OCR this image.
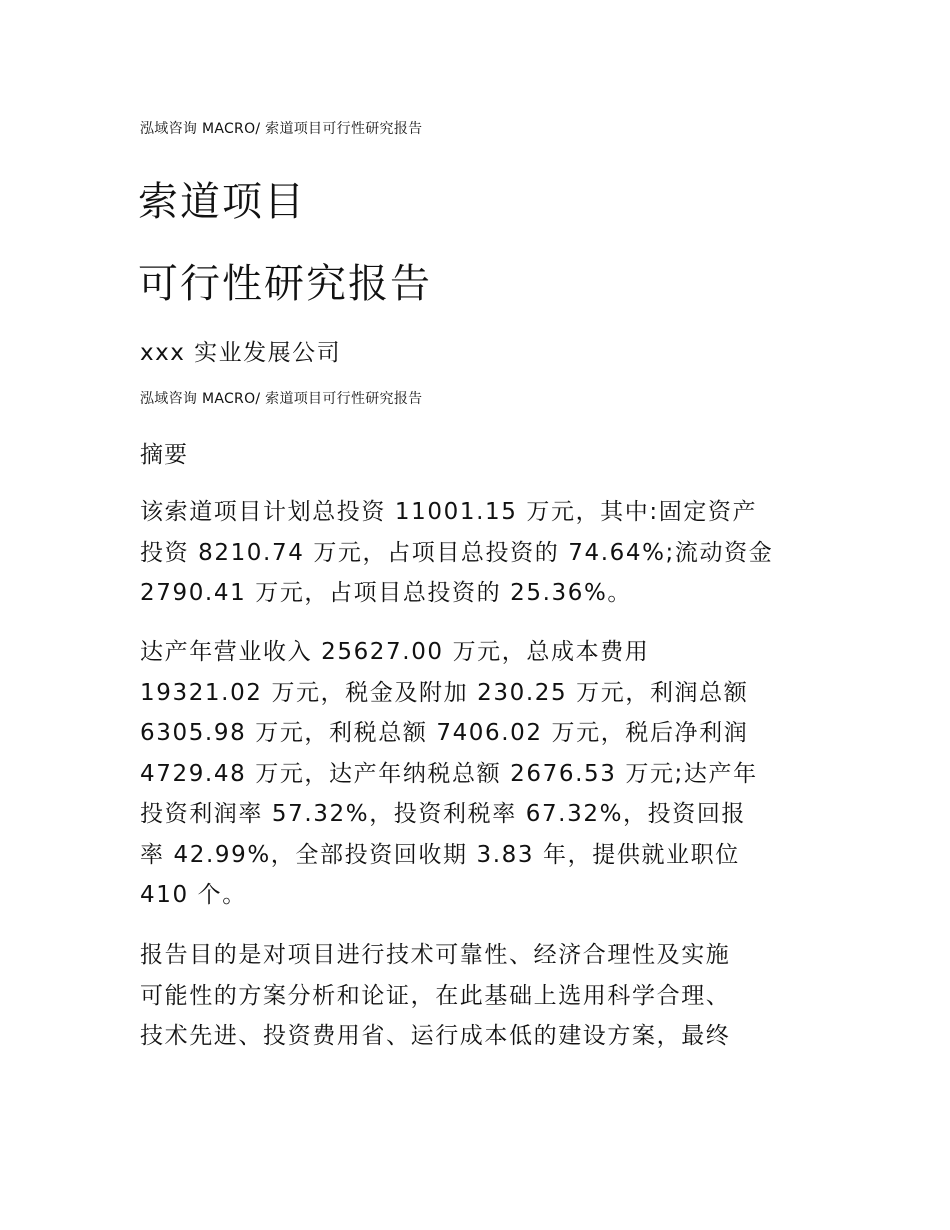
泓域咨询 MACRO/ 索道项目可行性研究报告
索道项目
可行性研究报告
xxx 实业发展公司
泓域咨询 MACRO/ 索道项目可行性研究报告
摘要

该索道项目计划总投资 11001.15 万元，其中:固定资产
投资 8210.74 万元，占项目总投资的 74.64%;流动资金
2790.41 万元，占项目总投资的 25.36%。

达产年营业收入 25627.00 万元，总成本费用
19321.02 万元，税金及附加 230.25 万元，利润总额
6305.98 万元，利税总额 7406.02 万元，税后净利润
4729.48 万元，达产年纳税总额 2676.53 万元;达产年
投资利润率 57.32%，投资利税率 67.32%，投资回报
率 42.99%，全部投资回收期 3.83 年，提供就业职位
410 个。

报告目的是对项目进行技术可靠性、经济合理性及实施
可能性的方案分析和论证，在此基础上选用科学合理、
技术先进、投资费用省、运行成本低的建设方案，最终
